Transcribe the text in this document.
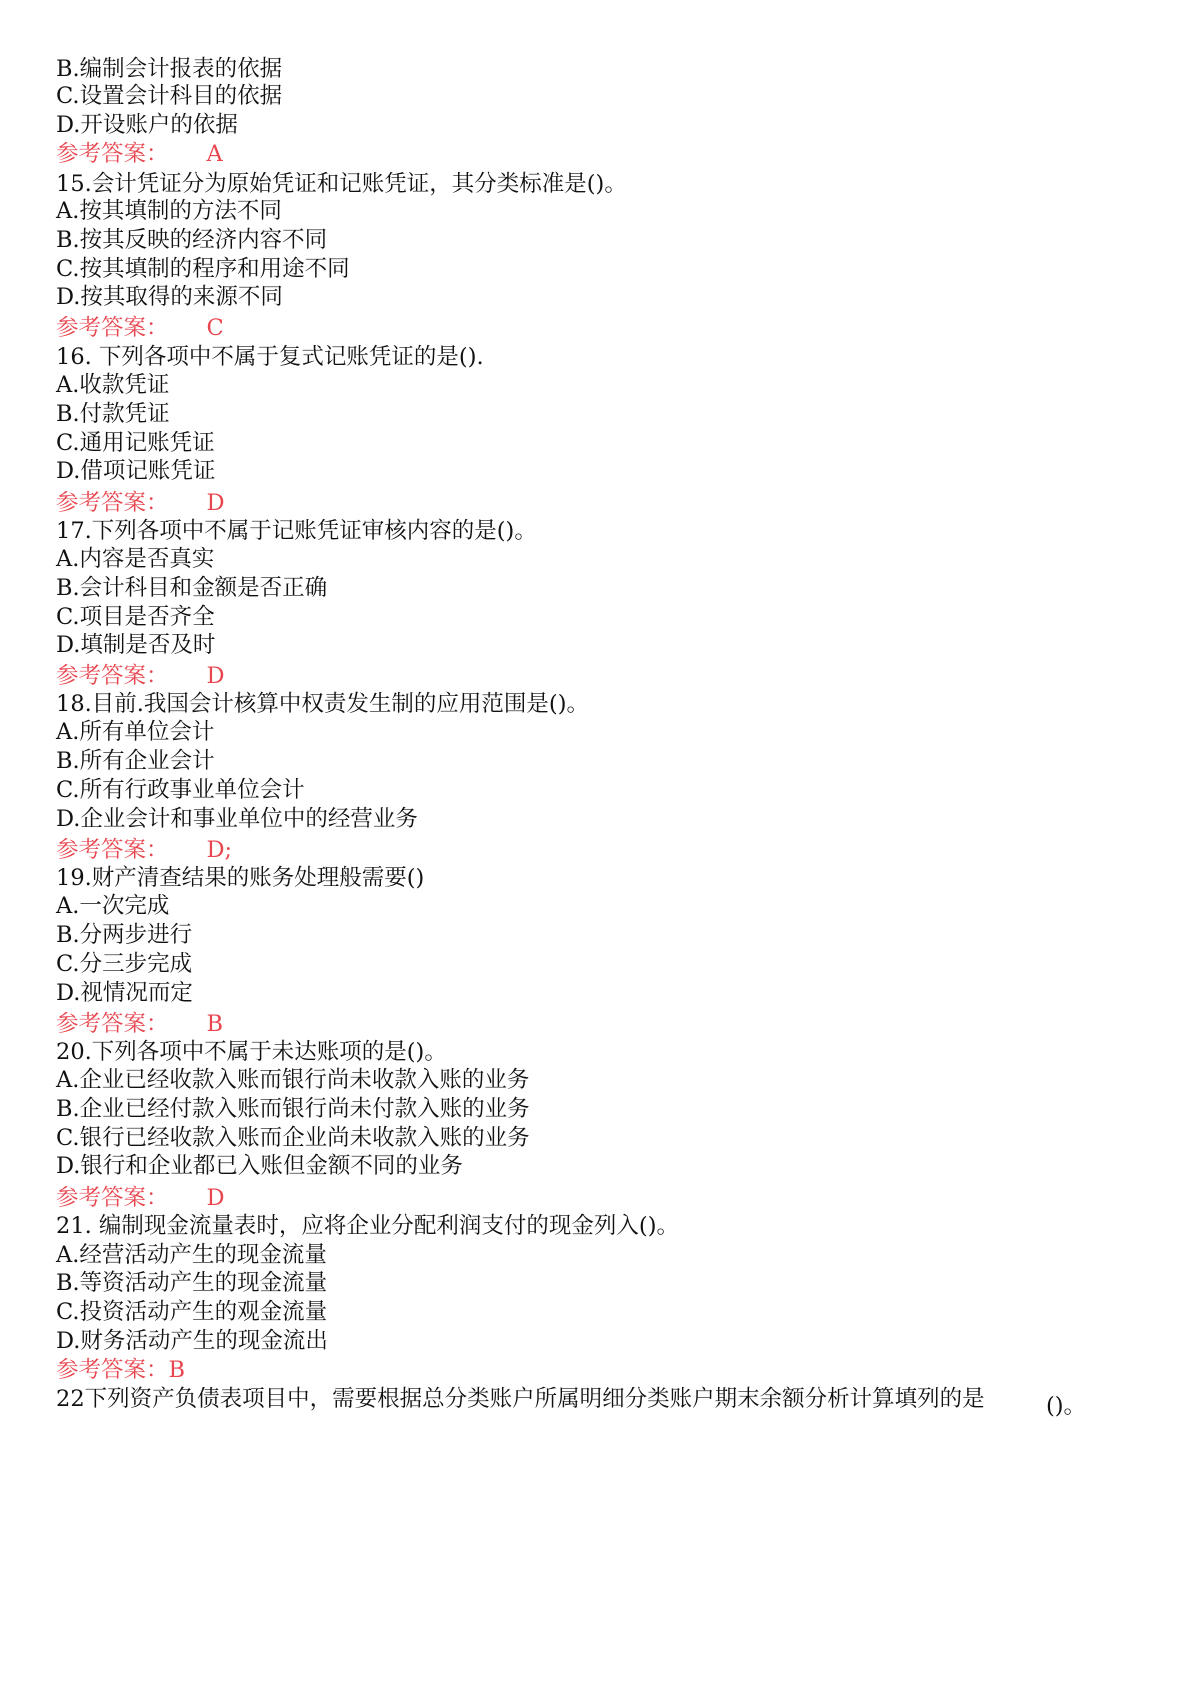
B.编制会计报表的依据
C.设置会计科目的依据
D.开设账户的依据
参考答案： A
15.会计凭证分为原始凭证和记账凭证，其分类标准是()。
A.按其填制的方法不同
B.按其反映的经济内容不同
C.按其填制的程序和用途不同
D.按其取得的来源不同
参考答案： C
16. 下列各项中不属于复式记账凭证的是().
A.收款凭证
B.付款凭证
C.通用记账凭证
D.借项记账凭证
参考答案： D
17.下列各项中不属于记账凭证审核内容的是()。
A.内容是否真实
B.会计科目和金额是否正确
C.项目是否齐全
D.填制是否及时
参考答案： D
18.目前.我国会计核算中权责发生制的应用范围是()。
A.所有单位会计
B.所有企业会计
C.所有行政事业单位会计
D.企业会计和事业单位中的经营业务
参考答案： D;
19.财产清查结果的账务处理般需要()
A.一次完成
B.分两步进行
C.分三步完成
D.视情况而定
参考答案： B
20.下列各项中不属于未达账项的是()。
A.企业已经收款入账而银行尚未收款入账的业务
B.企业已经付款入账而银行尚未付款入账的业务
C.银行已经收款入账而企业尚未收款入账的业务
D.银行和企业都已入账但金额不同的业务
参考答案： D
21. 编制现金流量表时，应将企业分配利润支付的现金列入()。
A.经营活动产生的现金流量
B.等资活动产生的现金流量
C.投资活动产生的观金流量
D.财务活动产生的现金流出
参考答案：B
22下列资产负债表项目中，需要根据总分类账户所属明细分类账户期末余额分析计算填列的是	()。
